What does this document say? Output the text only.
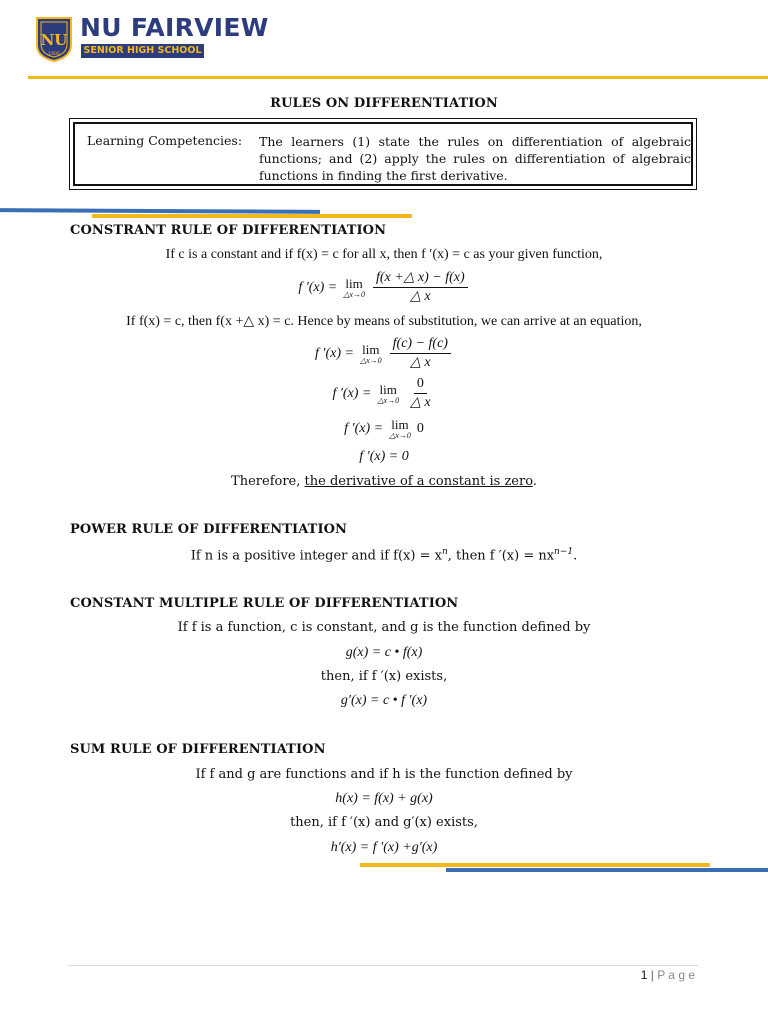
NU
1900
NU FAIRVIEW
SENIOR HIGH SCHOOL
RULES ON DIFFERENTIATION
Learning Competencies: The learners (1) state the rules on differentiation of algebraic functions; and (2) apply the rules on differentiation of algebraic functions in finding the first derivative.
CONSTRANT RULE OF DIFFERENTIATION
If c is a constant and if f(x) = c for all x, then f ′(x) = c as your given function,
f ′(x) = lim
△x→0 $\frac{f(x +\triangle x) - f(x)}{\triangle x}$
If f(x) = c, then f(x +△ x) = c. Hence by means of substitution, we can arrive at an equation,
f ′(x) = lim
△x→0 $\frac{f(c) - f(c)}{\triangle x}$
f ′(x) = lim
△x→0 $\frac{0}{\triangle x}$
f ′(x) = lim
△x→0 0
f ′(x) = 0
Therefore, the derivative of a constant is zero.
POWER RULE OF DIFFERENTIATION
If n is a positive integer and if $f(x) = x^n$, then f $'(x) = nx^{n-1}$.
CONSTANT MULTIPLE RULE OF DIFFERENTIATION
If f is a function, c is constant, and g is the function defined by
g(x) = c • f(x)
then, if f ′(x) exists,
g′(x) = c • f ′(x)
SUM RULE OF DIFFERENTIATION
If f and g are functions and if h is the function defined by
h(x) = f(x) + g(x)
then, if f ′(x) and g′(x) exists,
h′(x) = f ′(x) +g′(x)
1 | P a g e
